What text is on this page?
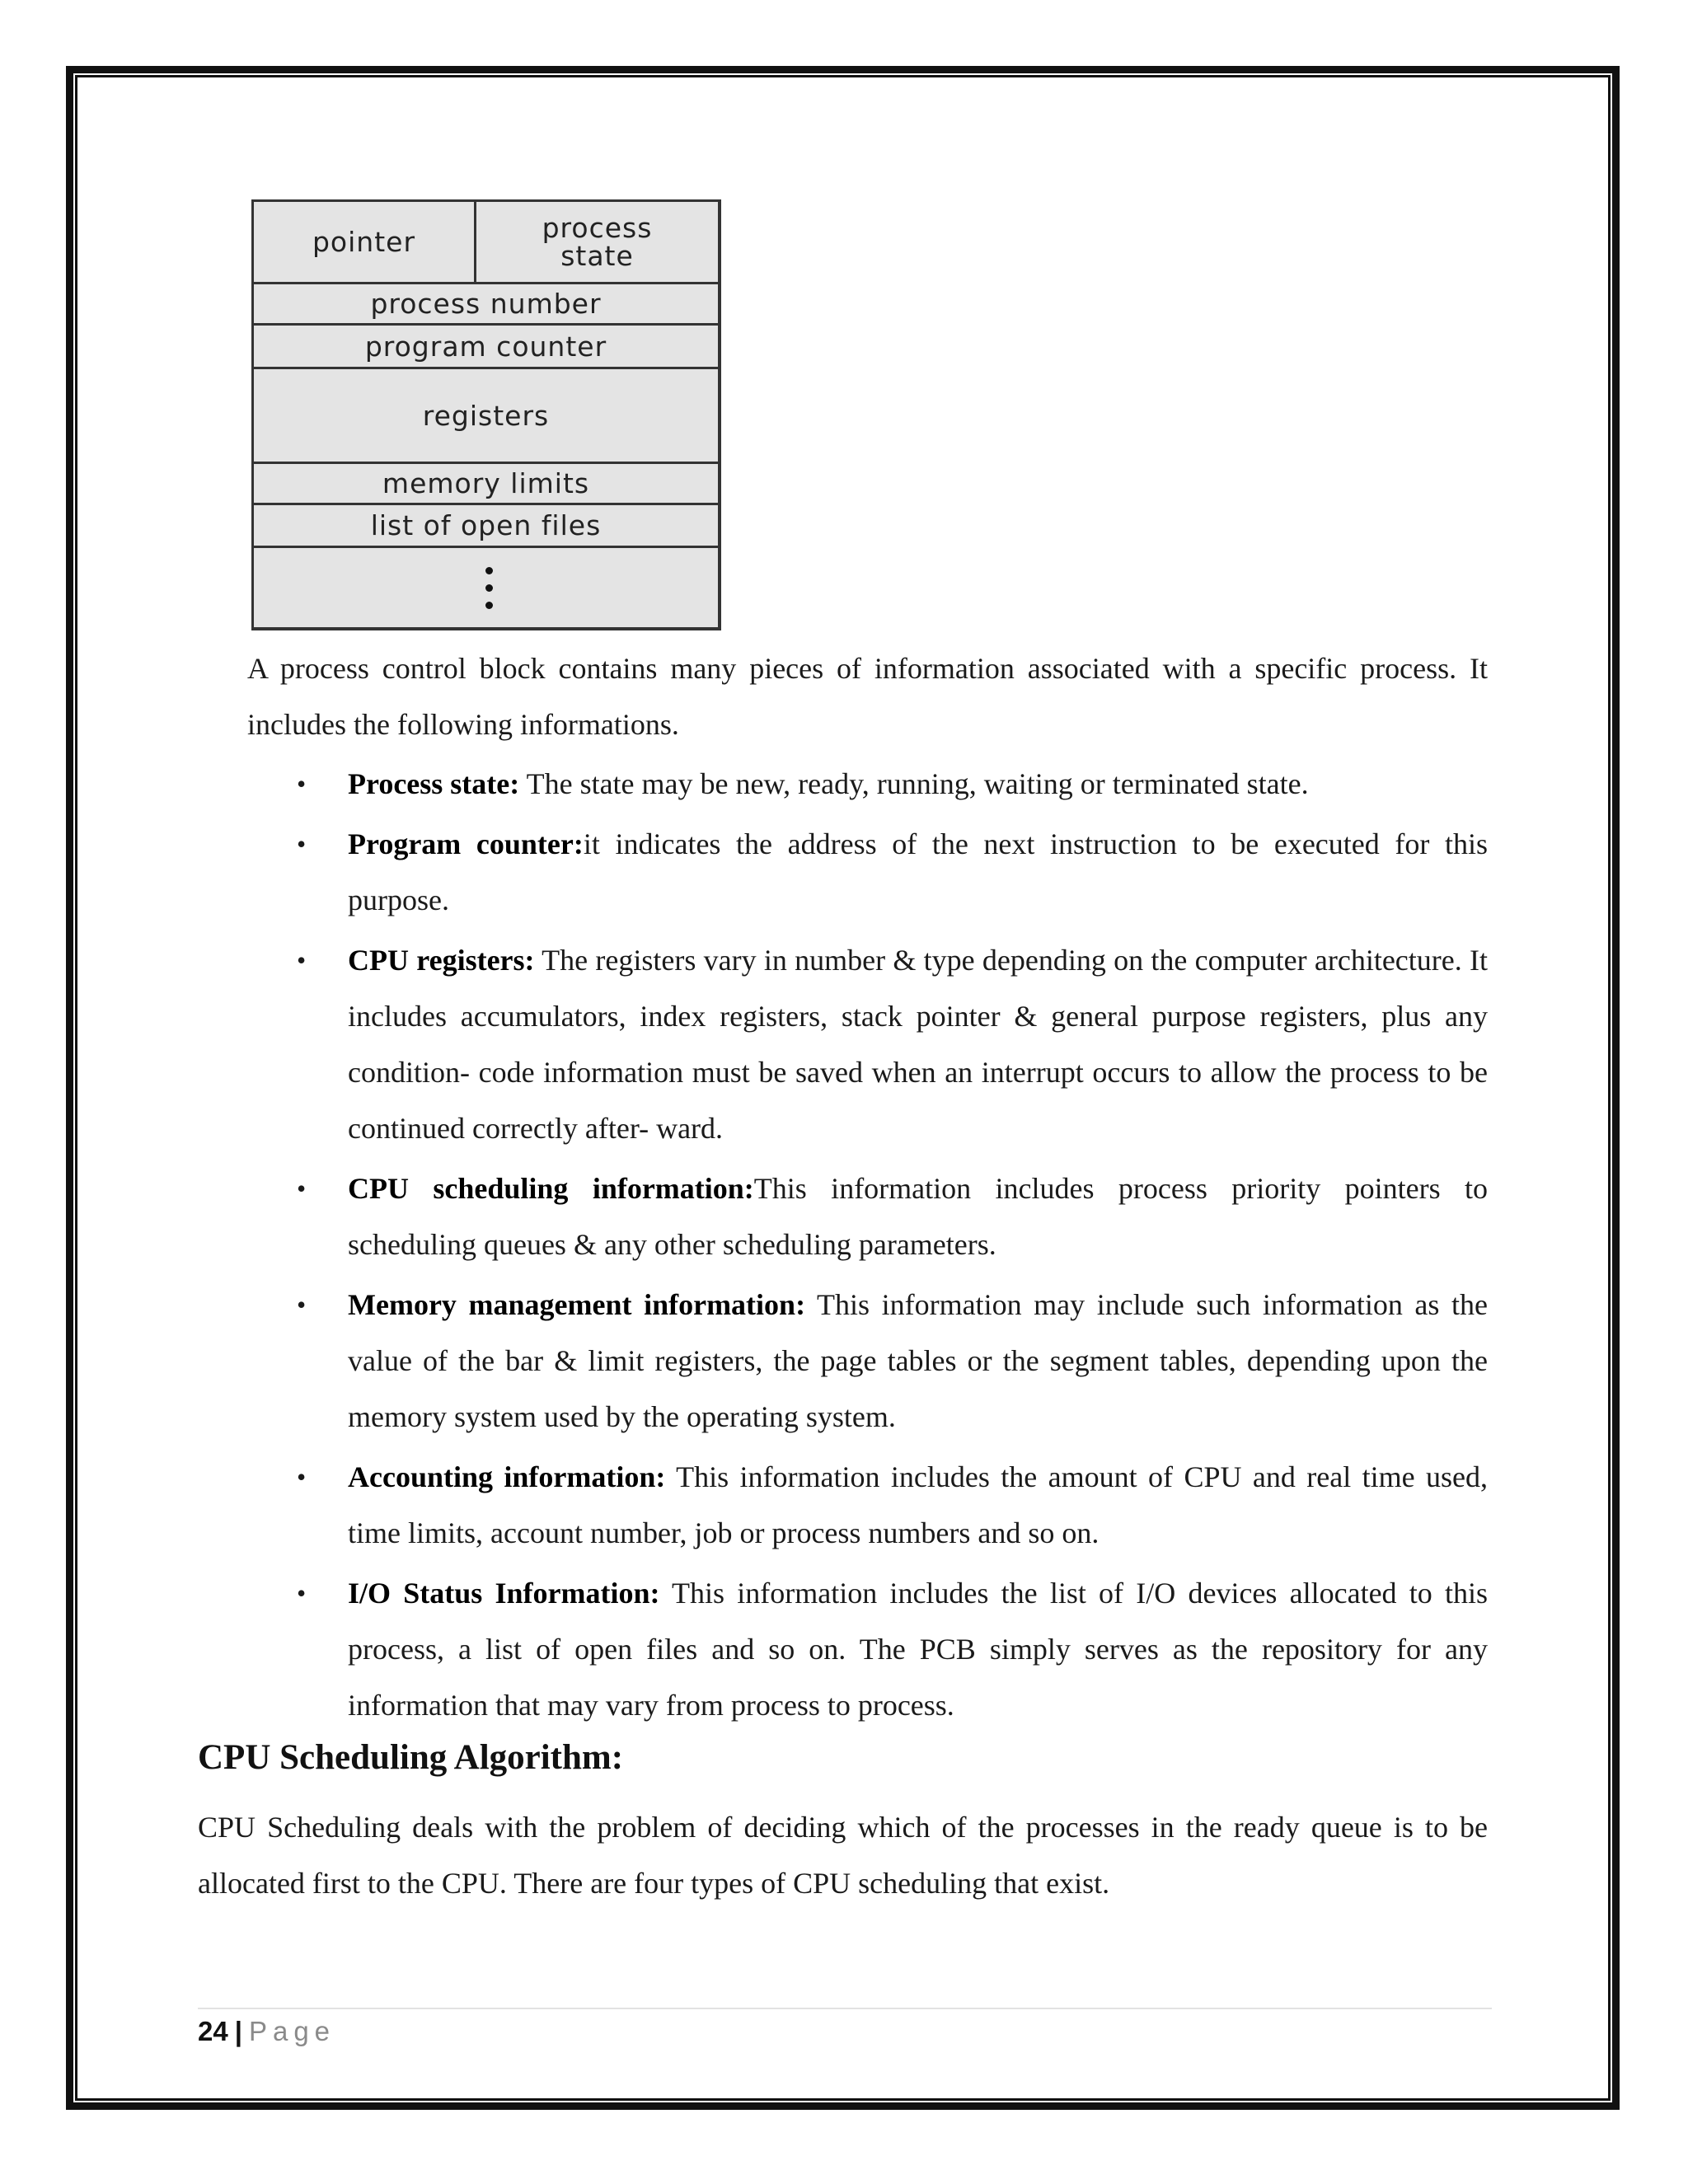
pointer	process state
process number
program counter
registers
memory limits
list of open files

A process control block contains many pieces of information associated with a specific process. It includes the following informations.

• Process state: The state may be new, ready, running, waiting or terminated state.
• Program counter:it indicates the address of the next instruction to be executed for this purpose.
• CPU registers: The registers vary in number & type depending on the computer architecture. It includes accumulators, index registers, stack pointer & general purpose registers, plus any condition- code information must be saved when an interrupt occurs to allow the process to be continued correctly after- ward.
• CPU scheduling information:This information includes process priority pointers to scheduling queues & any other scheduling parameters.
• Memory management information: This information may include such information as the value of the bar & limit registers, the page tables or the segment tables, depending upon the memory system used by the operating system.
• Accounting information: This information includes the amount of CPU and real time used, time limits, account number, job or process numbers and so on.
• I/O Status Information: This information includes the list of I/O devices allocated to this process, a list of open files and so on. The PCB simply serves as the repository for any information that may vary from process to process.
CPU Scheduling Algorithm:
CPU Scheduling deals with the problem of deciding which of the processes in the ready queue is to be allocated first to the CPU. There are four types of CPU scheduling that exist.
24 | Page
